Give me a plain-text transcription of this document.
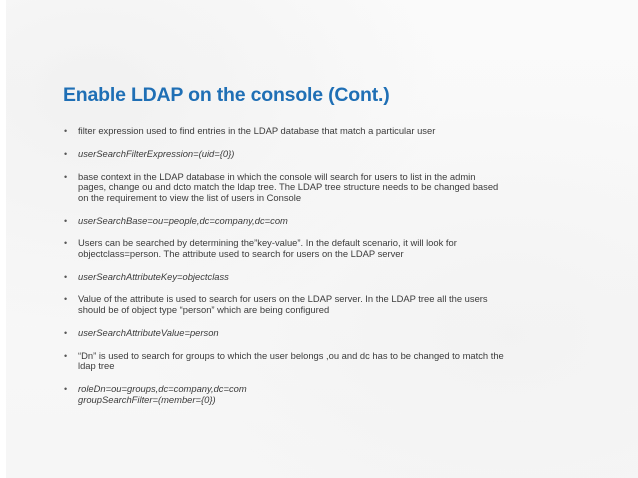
Enable LDAP on the console (Cont.)
• filter expression used to find entries in the LDAP database that match a particular user
• userSearchFilterExpression=(uid={0})
• base context in the LDAP database in which the console will search for users to list in the admin pages, change ou and dcto match the ldap tree. The LDAP tree structure needs to be changed based on the requirement to view the list of users in Console
• userSearchBase=ou=people,dc=company,dc=com
• Users can be searched by determining the”key-value”. In the default scenario, it will look for objectclass=person. The attribute used to search for users on the LDAP server
• userSearchAttributeKey=objectclass
• Value of the attribute is used to search for users on the LDAP server. In the LDAP tree all the users should be of object type “person” which are being configured
• userSearchAttributeValue=person
• “Dn” is used to search for groups to which the user belongs ,ou and dc has to be changed to match the ldap tree
• roleDn=ou=groups,dc=company,dc=com
groupSearchFilter=(member={0})
